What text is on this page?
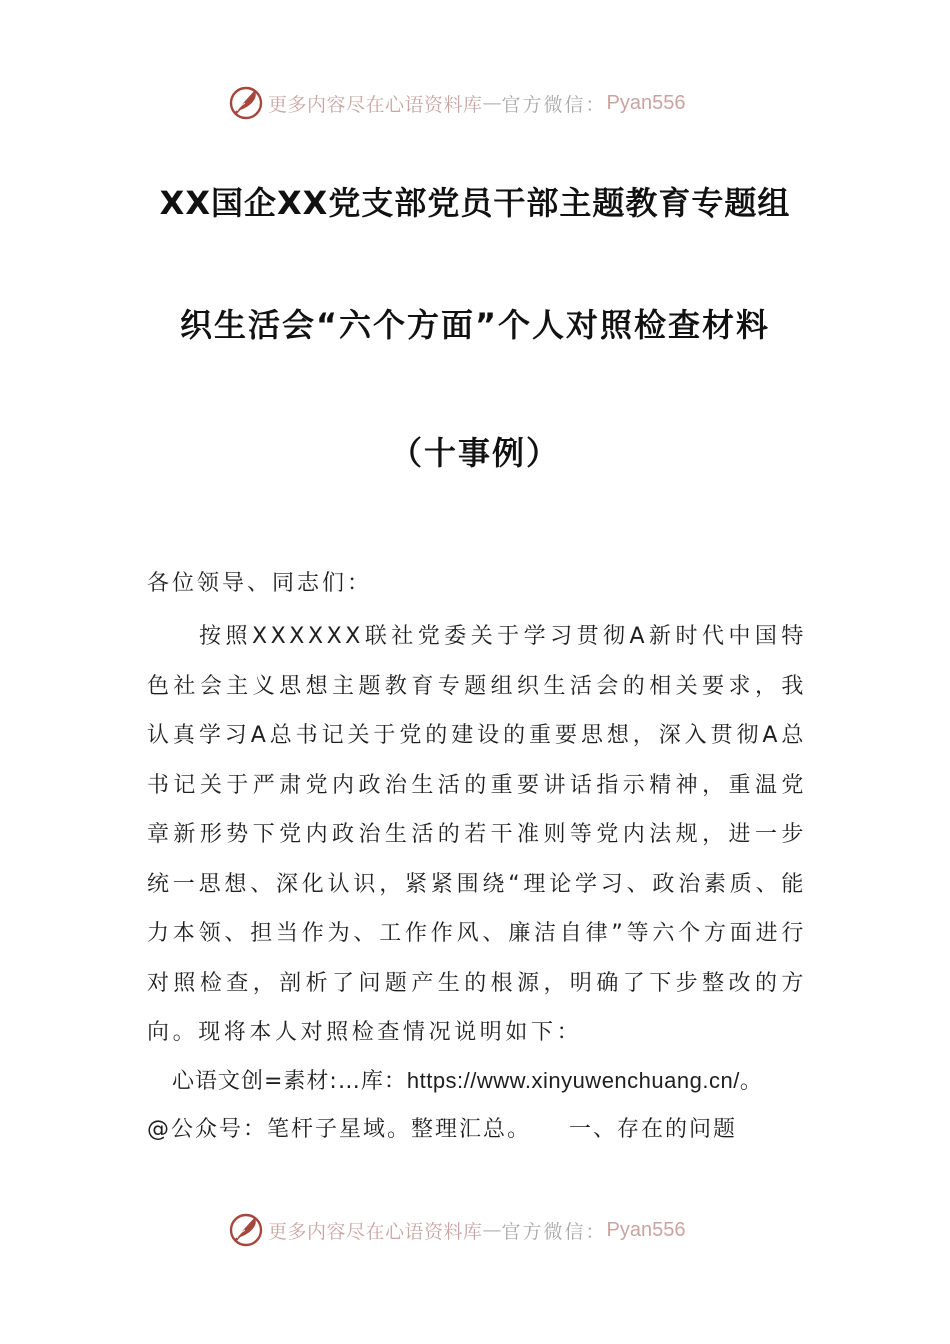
更多内容尽在心语资料库 — 官方微信： Pyan556
XX国企XX党支部党员干部主题教育专题组
织生活会“六个方面”个人对照检查材料
（十事例）
各位领导、同志们：
按照XXXXXX联社党委关于学习贯彻A新时代中国特色社会主义思想主题教育专题组织生活会的相关要求，我认真学习A总书记关于党的建设的重要思想，深入贯彻A总书记关于严肃党内政治生活的重要讲话指示精神，重温党章新形势下党内政治生活的若干准则等党内法规，进一步统一思想、深化认识，紧紧围绕“理论学习、政治素质、能力本领、担当作为、工作作风、廉洁自律”等六个方面进行对照检查，剖析了问题产生的根源，明确了下步整改的方向。现将本人对照检查情况说明如下：
心语文创=素材:…库：https://www.xinyuwenchuang.cn/。
@公众号：笔杆子星域。整理汇总。 一、存在的问题
更多内容尽在心语资料库 — 官方微信： Pyan556
